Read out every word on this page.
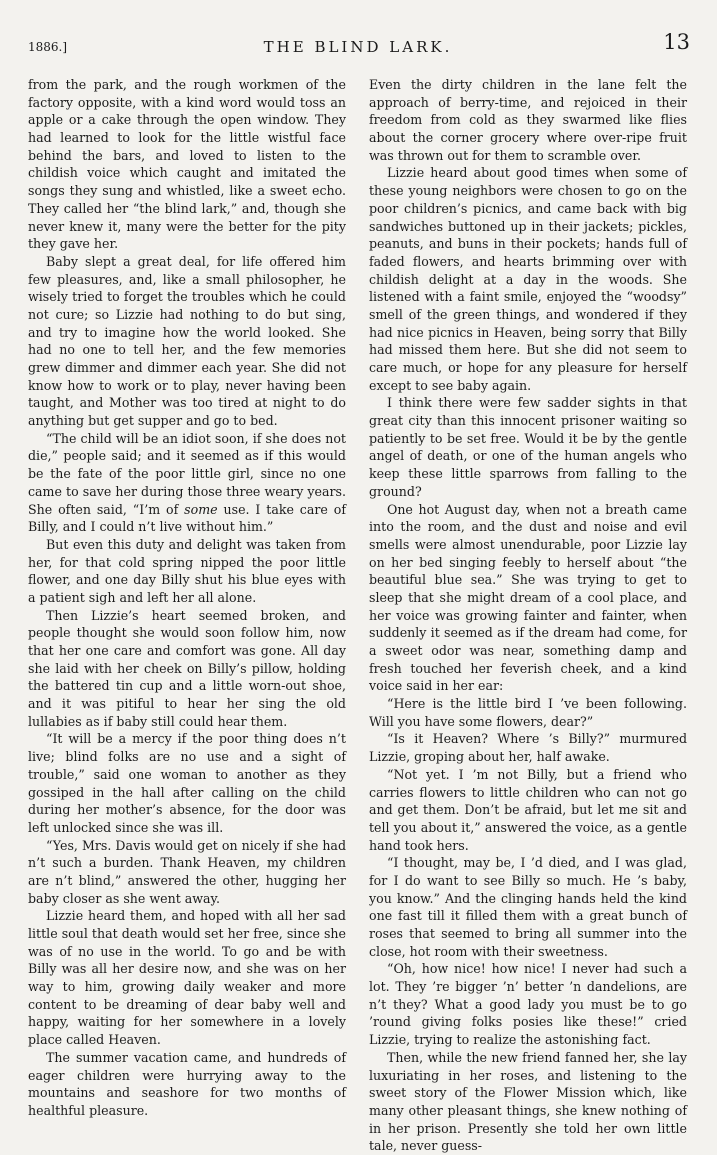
1886.]	THE BLIND LARK.	13

from the park, and the rough workmen of the factory opposite, with a kind word would toss an apple or a cake through the open window. They had learned to look for the little wistful face behind the bars, and loved to listen to the childish voice which caught and imitated the songs they sung and whistled, like a sweet echo. They called her “the blind lark,” and, though she never knew it, many were the better for the pity they gave her.

Baby slept a great deal, for life offered him few pleasures, and, like a small philosopher, he wisely tried to forget the troubles which he could not cure; so Lizzie had nothing to do but sing, and try to imagine how the world looked. She had no one to tell her, and the few memories grew dimmer and dimmer each year. She did not know how to work or to play, never having been taught, and Mother was too tired at night to do anything but get supper and go to bed.

“The child will be an idiot soon, if she does not die,” people said; and it seemed as if this would be the fate of the poor little girl, since no one came to save her during those three weary years. She often said, “I’m of some use. I take care of Billy, and I could n’t live without him.”

But even this duty and delight was taken from her, for that cold spring nipped the poor little flower, and one day Billy shut his blue eyes with a patient sigh and left her all alone.

Then Lizzie’s heart seemed broken, and people thought she would soon follow him, now that her one care and comfort was gone. All day she laid with her cheek on Billy’s pillow, holding the battered tin cup and a little worn-out shoe, and it was pitiful to hear her sing the old lullabies as if baby still could hear them.

“It will be a mercy if the poor thing does n’t live; blind folks are no use and a sight of trouble,” said one woman to another as they gossiped in the hall after calling on the child during her mother’s absence, for the door was left unlocked since she was ill.

“Yes, Mrs. Davis would get on nicely if she had n’t such a burden. Thank Heaven, my children are n’t blind,” answered the other, hugging her baby closer as she went away.

Lizzie heard them, and hoped with all her sad little soul that death would set her free, since she was of no use in the world. To go and be with Billy was all her desire now, and she was on her way to him, growing daily weaker and more content to be dreaming of dear baby well and happy, waiting for her somewhere in a lovely place called Heaven.

The summer vacation came, and hundreds of eager children were hurrying away to the mountains and seashore for two months of healthful pleasure.

Even the dirty children in the lane felt the approach of berry-time, and rejoiced in their freedom from cold as they swarmed like flies about the corner grocery where over-ripe fruit was thrown out for them to scramble over.

Lizzie heard about good times when some of these young neighbors were chosen to go on the poor children’s picnics, and came back with big sandwiches buttoned up in their jackets; pickles, peanuts, and buns in their pockets; hands full of faded flowers, and hearts brimming over with childish delight at a day in the woods. She listened with a faint smile, enjoyed the “woodsy” smell of the green things, and wondered if they had nice picnics in Heaven, being sorry that Billy had missed them here. But she did not seem to care much, or hope for any pleasure for herself except to see baby again.

I think there were few sadder sights in that great city than this innocent prisoner waiting so patiently to be set free. Would it be by the gentle angel of death, or one of the human angels who keep these little sparrows from falling to the ground?

One hot August day, when not a breath came into the room, and the dust and noise and evil smells were almost unendurable, poor Lizzie lay on her bed singing feebly to herself about “the beautiful blue sea.” She was trying to get to sleep that she might dream of a cool place, and her voice was growing fainter and fainter, when suddenly it seemed as if the dream had come, for a sweet odor was near, something damp and fresh touched her feverish cheek, and a kind voice said in her ear:

“Here is the little bird I ’ve been following. Will you have some flowers, dear?”

“Is it Heaven? Where ’s Billy?” murmured Lizzie, groping about her, half awake.

“Not yet. I ’m not Billy, but a friend who carries flowers to little children who can not go and get them. Don’t be afraid, but let me sit and tell you about it,” answered the voice, as a gentle hand took hers.

“I thought, may be, I ’d died, and I was glad, for I do want to see Billy so much. He ’s baby, you know.” And the clinging hands held the kind one fast till it filled them with a great bunch of roses that seemed to bring all summer into the close, hot room with their sweetness.

“Oh, how nice! how nice! I never had such a lot. They ’re bigger ’n’ better ’n dandelions, are n’t they? What a good lady you must be to go ’round giving folks posies like these!” cried Lizzie, trying to realize the astonishing fact.

Then, while the new friend fanned her, she lay luxuriating in her roses, and listening to the sweet story of the Flower Mission which, like many other pleasant things, she knew nothing of in her prison. Presently she told her own little tale, never guess-
